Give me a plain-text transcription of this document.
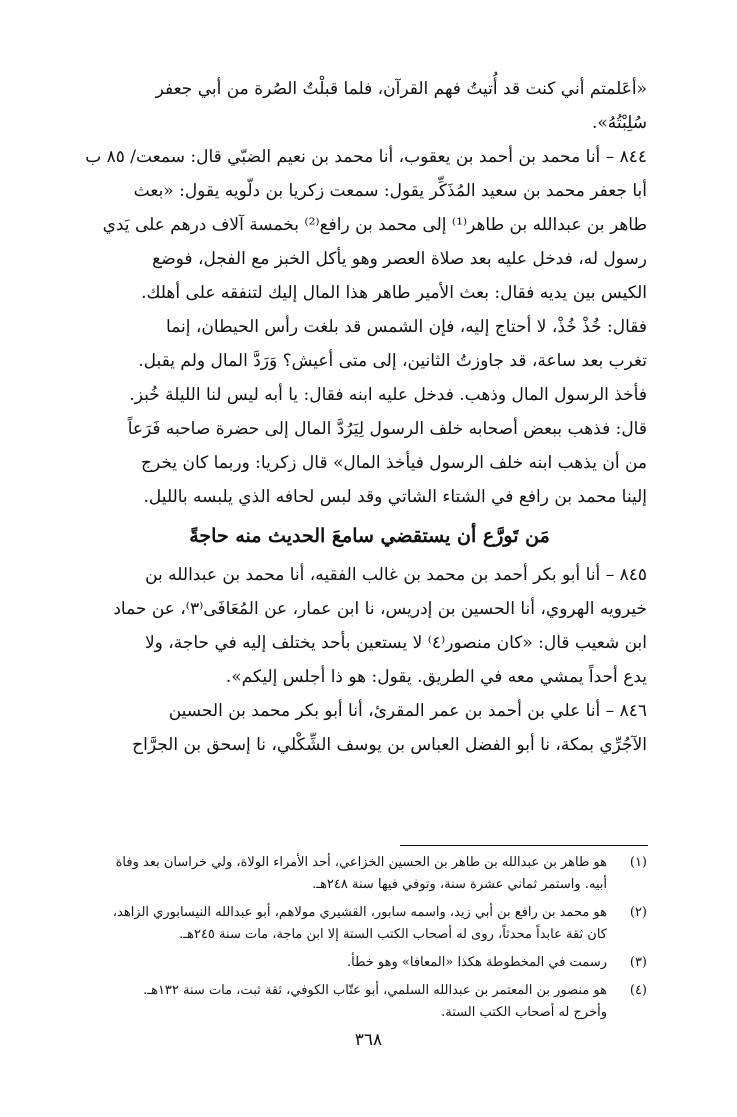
«أعَلمتم أني كنت قد أُتيتُ فهم القرآن، فلما قبلْتُ الصُرة من أبي جعفر
سُلِبْتُهُ».
٨٤٤ – أنا محمد بن أحمد بن يعقوب، أنا محمد بن نعيم الضبّي قال: سمعت/ ٨٥ ب
أبا جعفر محمد بن سعيد المُذَكِّر يقول: سمعت زكريا بن دلّويه يقول: «بعث
طاهر بن عبدالله بن طاهر⁽¹⁾ إلى محمد بن رافع⁽²⁾ بخمسة آلاف درهم على يَدي
رسول له، فدخل عليه بعد صلاة العصر وهو يأكل الخبز مع الفجل، فوضع
الكيس بين يديه فقال: بعث الأمير طاهر هذا المال إليك لتنفقه على أهلك.
فقال: خُذْ خُذْ، لا أحتاج إليه، فإن الشمس قد بلغت رأس الحيطان، إنما
تغرب بعد ساعة، قد جاوزتُ الثانين، إلى متى أعيش؟ وَرَدَّ المال ولم يقبل.
فأخذ الرسول المال وذهب. فدخل عليه ابنه فقال: يا أبه ليس لنا الليلة خُبز.
قال: فذهب ببعض أصحابه خلف الرسول لِيَرُدَّ المال إلى حضرة صاحبه فَرَعاً
من أن يذهب ابنه خلف الرسول فيأخذ المال» قال زكريا: وربما كان يخرج
إلينا محمد بن رافع في الشتاء الشاتي وقد لبس لحافه الذي يلبسه بالليل.
مَن تَورَّع أن يستقضي سامعَ الحديث منه حاجةً
٨٤٥ – أنا أبو بكر أحمد بن محمد بن غالب الفقيه، أنا محمد بن عبدالله بن
خيرويه الهروي، أنا الحسين بن إدريس، نا ابن عمار، عن المُعَافَى⁽٣⁾، عن حماد
ابن شعيب قال: «كان منصور⁽٤⁾ لا يستعين بأحد يختلف إليه في حاجة، ولا
يدع أحداً يمشي معه في الطريق. يقول: هو ذا أجلس إليكم».
٨٤٦ – أنا علي بن أحمد بن عمر المقرئ، أنا أبو بكر محمد بن الحسين
الآجُرِّي بمكة، نا أبو الفضل العباس بن يوسف الشِّكْلي، نا إسحق بن الجرَّاح
(١)
هو طاهر بن عبدالله بن طاهر بن الحسين الخزاعي، أحد الأمراء الولاة، ولي خراسان بعد وفاة
أبيه. واستمر ثماني عشرة سنة، وتوفي فيها سنة ٢٤٨هـ.
(٢)
هو محمد بن رافع بن أبي زيد، واسمه سابور، القشيري مولاهم، أبو عبدالله النيسابوري الزاهد،
كان ثقة عابداً محدثاً، روى له أصحاب الكتب الستة إلا ابن ماجة، مات سنة ٢٤٥هـ.
(٣)
رسمت في المخطوطة هكذا «المعافا» وهو خطأ.
(٤)
هو منصور بن المعتمر بن عبدالله السلمي، أبو عتّاب الكوفي، ثقة ثبت، مات سنة ١٣٢هـ.
وأخرج له أصحاب الكتب الستة.
٣٦٨
